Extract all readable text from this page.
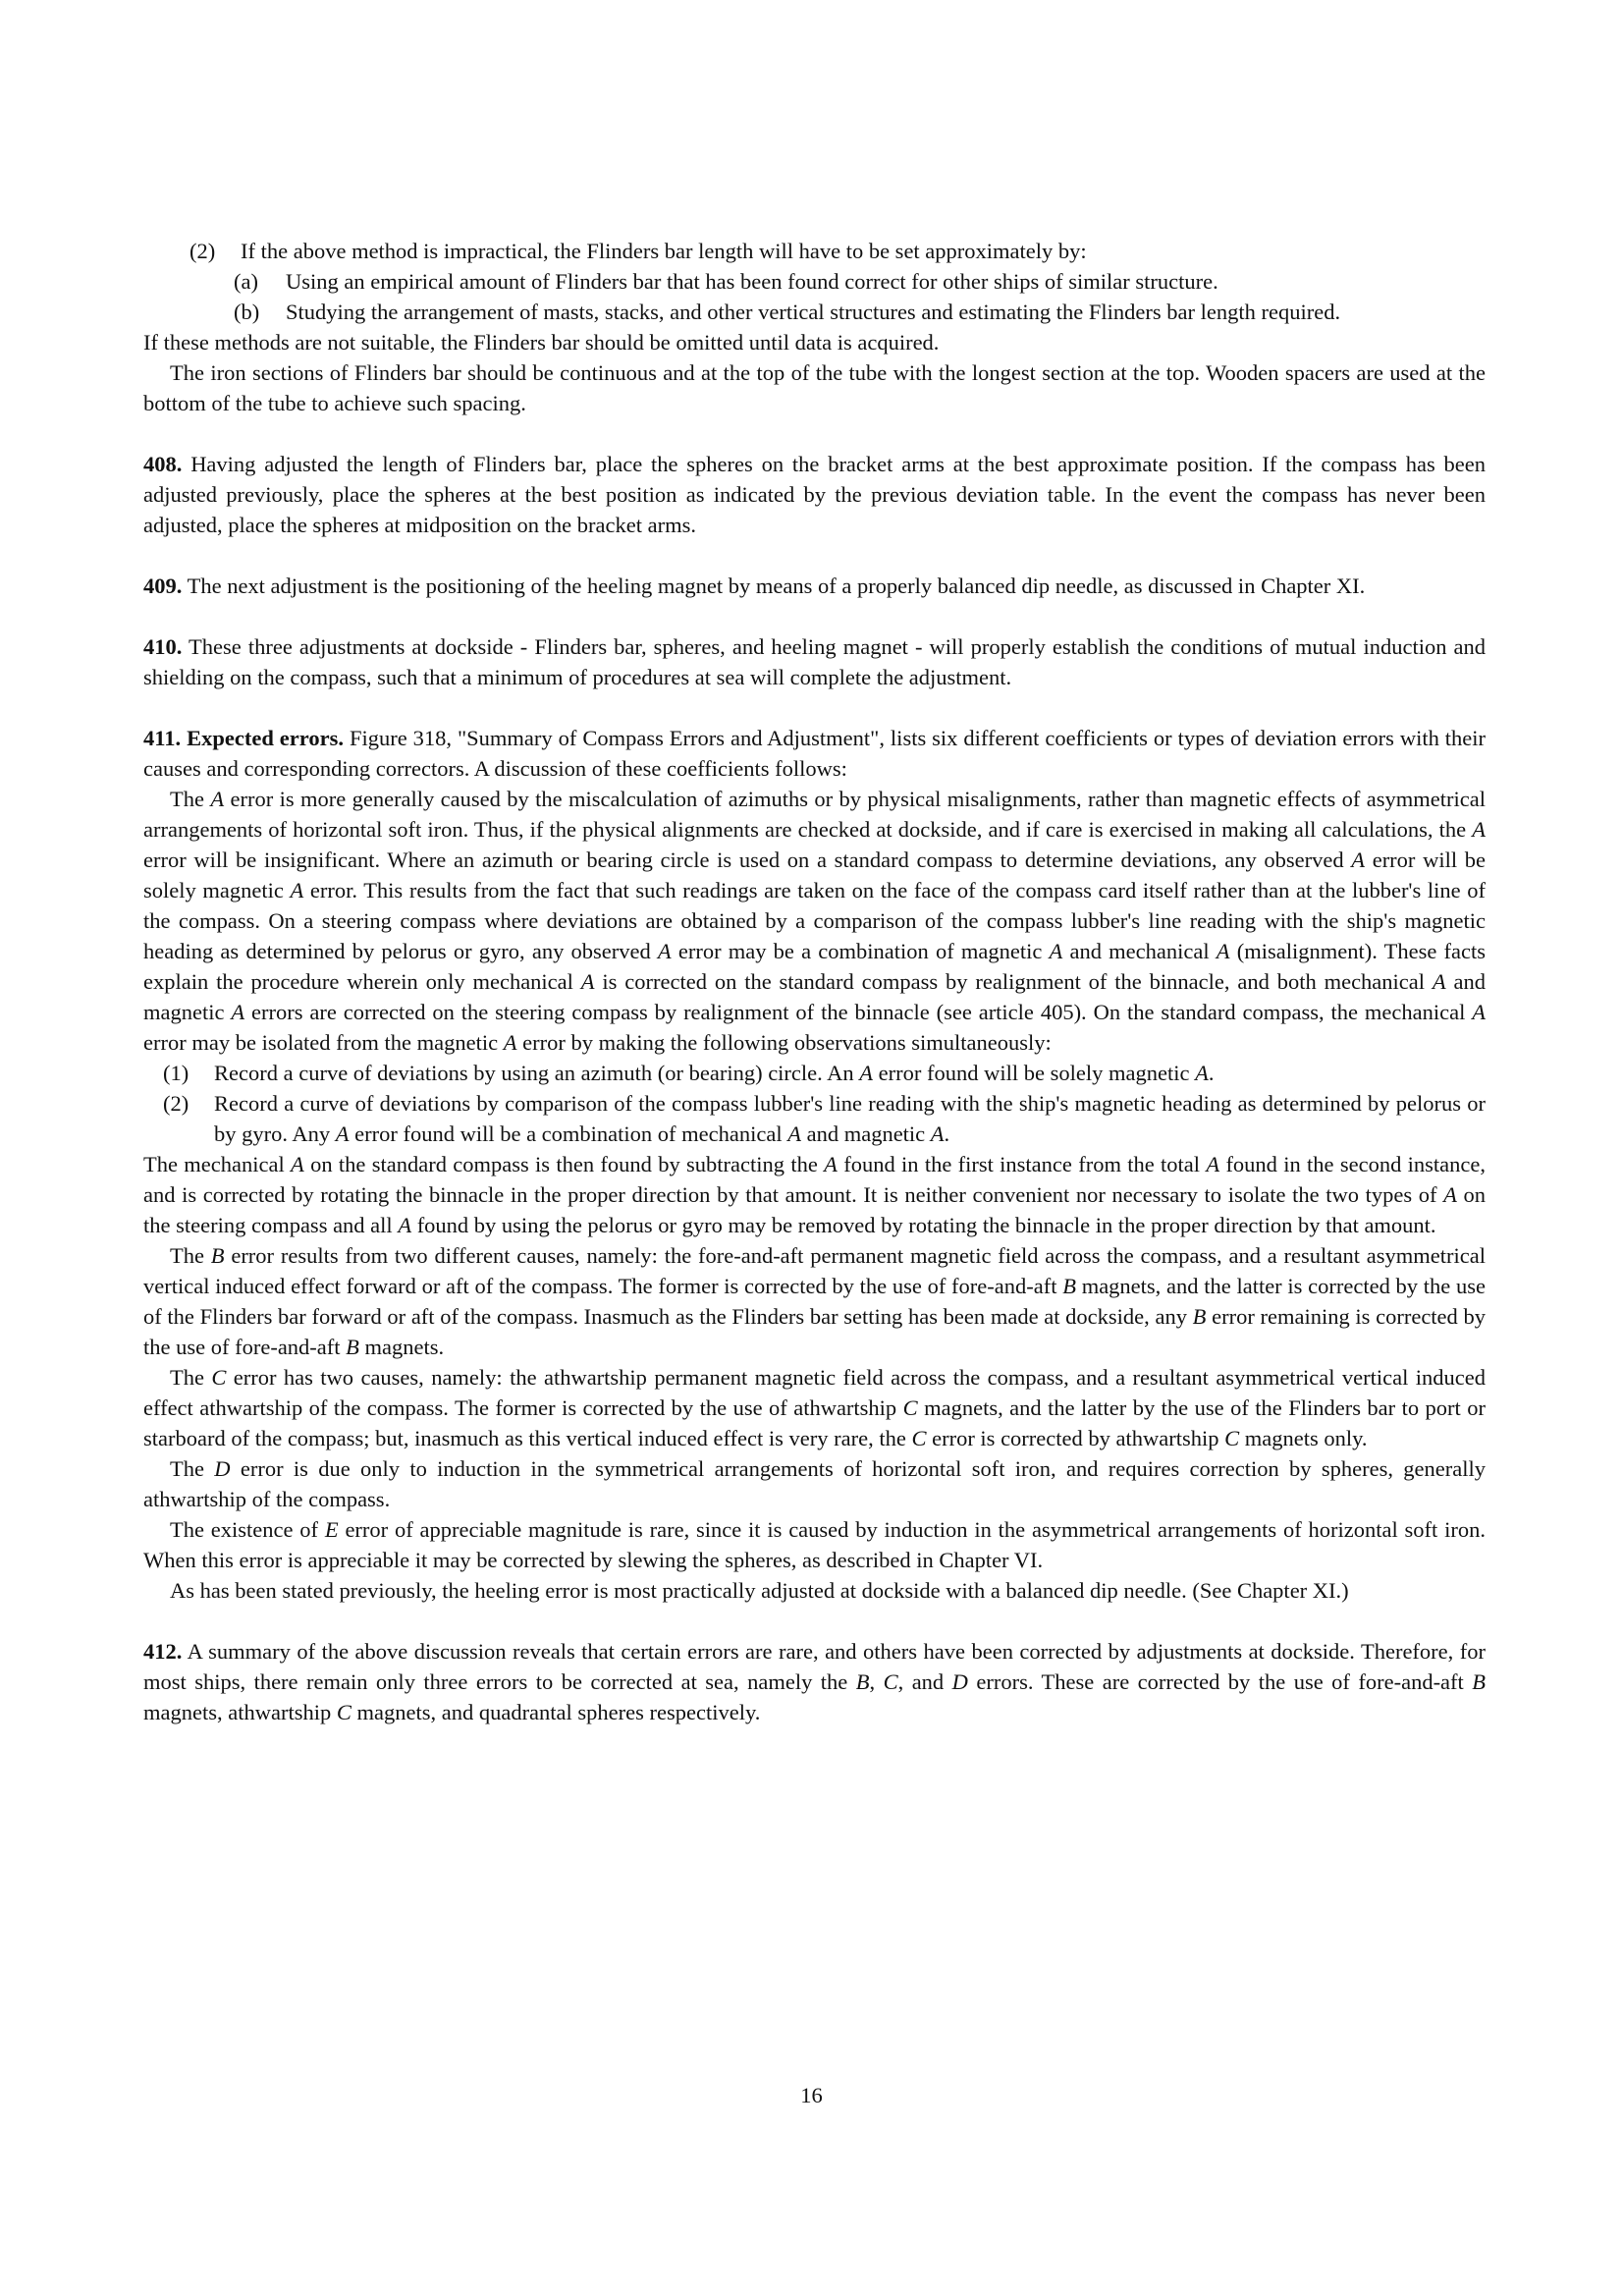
(2)	If the above method is impractical, the Flinders bar length will have to be set approximately by:
(a)	Using an empirical amount of Flinders bar that has been found correct for other ships of similar structure.
(b)	Studying the arrangement of masts, stacks, and other vertical structures and estimating the Flinders bar length required.

If these methods are not suitable, the Flinders bar should be omitted until data is acquired.

The iron sections of Flinders bar should be continuous and at the top of the tube with the longest section at the top. Wooden spacers are used at the bottom of the tube to achieve such spacing.

408. Having adjusted the length of Flinders bar, place the spheres on the bracket arms at the best approximate position. If the compass has been adjusted previously, place the spheres at the best position as indicated by the previous deviation table. In the event the compass has never been adjusted, place the spheres at midposition on the bracket arms.

409. The next adjustment is the positioning of the heeling magnet by means of a properly balanced dip needle, as discussed in Chapter XI.

410. These three adjustments at dockside - Flinders bar, spheres, and heeling magnet - will properly establish the conditions of mutual induction and shielding on the compass, such that a minimum of procedures at sea will complete the adjustment.

411. Expected errors. Figure 318, "Summary of Compass Errors and Adjustment", lists six different coefficients or types of deviation errors with their causes and corresponding correctors. A discussion of these coefficients follows:

The A error is more generally caused by the miscalculation of azimuths or by physical misalignments, rather than magnetic effects of asymmetrical arrangements of horizontal soft iron. Thus, if the physical alignments are checked at dockside, and if care is exercised in making all calculations, the A error will be insignificant. Where an azimuth or bearing circle is used on a standard compass to determine deviations, any observed A error will be solely magnetic A error. This results from the fact that such readings are taken on the face of the compass card itself rather than at the lubber's line of the compass. On a steering compass where deviations are obtained by a comparison of the compass lubber's line reading with the ship's magnetic heading as determined by pelorus or gyro, any observed A error may be a combination of magnetic A and mechanical A (misalignment). These facts explain the procedure wherein only mechanical A is corrected on the standard compass by realignment of the binnacle, and both mechanical A and magnetic A errors are corrected on the steering compass by realignment of the binnacle (see article 405). On the standard compass, the mechanical A error may be isolated from the magnetic A error by making the following observations simultaneously:

(1)	Record a curve of deviations by using an azimuth (or bearing) circle. An A error found will be solely magnetic A.
(2)	Record a curve of deviations by comparison of the compass lubber's line reading with the ship's magnetic heading as determined by pelorus or by gyro. Any A error found will be a combination of mechanical A and magnetic A.

The mechanical A on the standard compass is then found by subtracting the A found in the first instance from the total A found in the second instance, and is corrected by rotating the binnacle in the proper direction by that amount. It is neither convenient nor necessary to isolate the two types of A on the steering compass and all A found by using the pelorus or gyro may be removed by rotating the binnacle in the proper direction by that amount.

The B error results from two different causes, namely: the fore-and-aft permanent magnetic field across the compass, and a resultant asymmetrical vertical induced effect forward or aft of the compass. The former is corrected by the use of fore-and-aft B magnets, and the latter is corrected by the use of the Flinders bar forward or aft of the compass. Inasmuch as the Flinders bar setting has been made at dockside, any B error remaining is corrected by the use of fore-and-aft B magnets.

The C error has two causes, namely: the athwartship permanent magnetic field across the compass, and a resultant asymmetrical vertical induced effect athwartship of the compass. The former is corrected by the use of athwartship C magnets, and the latter by the use of the Flinders bar to port or starboard of the compass; but, inasmuch as this vertical induced effect is very rare, the C error is corrected by athwartship C magnets only.

The D error is due only to induction in the symmetrical arrangements of horizontal soft iron, and requires correction by spheres, generally athwartship of the compass.

The existence of E error of appreciable magnitude is rare, since it is caused by induction in the asymmetrical arrangements of horizontal soft iron. When this error is appreciable it may be corrected by slewing the spheres, as described in Chapter VI.

As has been stated previously, the heeling error is most practically adjusted at dockside with a balanced dip needle. (See Chapter XI.)

412. A summary of the above discussion reveals that certain errors are rare, and others have been corrected by adjustments at dockside. Therefore, for most ships, there remain only three errors to be corrected at sea, namely the B, C, and D errors. These are corrected by the use of fore-and-aft B magnets, athwartship C magnets, and quadrantal spheres respectively.

16
